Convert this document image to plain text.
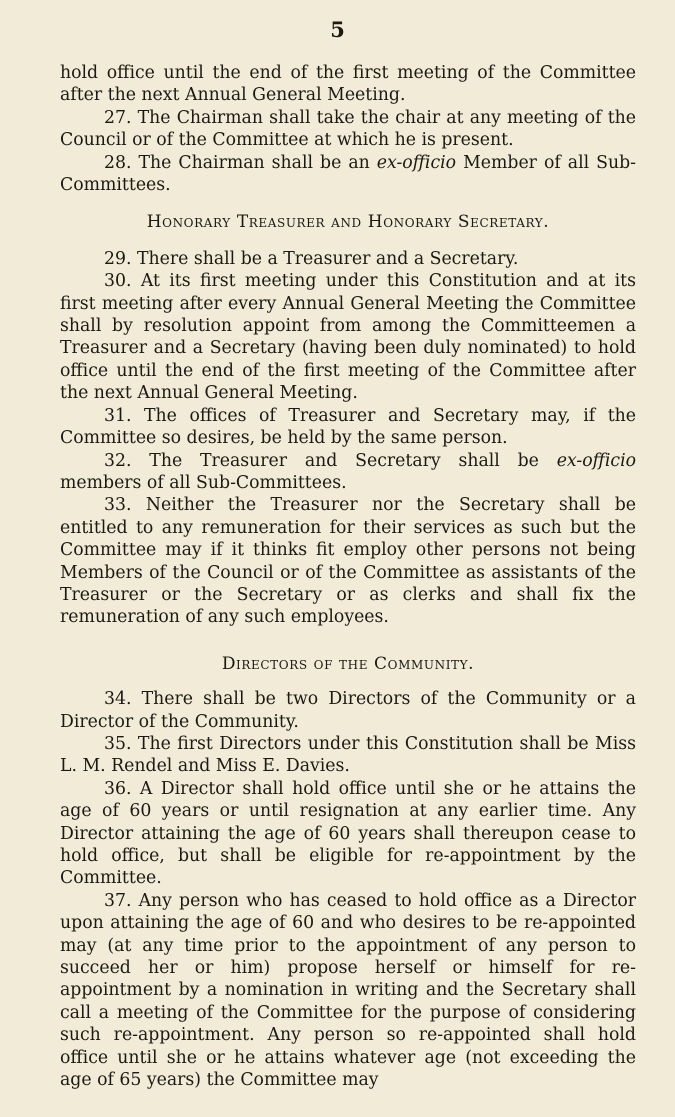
5

hold office until the end of the first meeting of the Committee after the next Annual General Meeting.

27. The Chairman shall take the chair at any meeting of the Council or of the Committee at which he is present.

28. The Chairman shall be an ex-officio Member of all Sub-Committees.

Honorary Treasurer and Honorary Secretary.

29. There shall be a Treasurer and a Secretary.

30. At its first meeting under this Constitution and at its first meeting after every Annual General Meeting the Committee shall by resolution appoint from among the Committeemen a Treasurer and a Secretary (having been duly nominated) to hold office until the end of the first meeting of the Committee after the next Annual General Meeting.

31. The offices of Treasurer and Secretary may, if the Committee so desires, be held by the same person.

32. The Treasurer and Secretary shall be ex-officio members of all Sub-Committees.

33. Neither the Treasurer nor the Secretary shall be entitled to any remuneration for their services as such but the Committee may if it thinks fit employ other persons not being Members of the Council or of the Committee as assistants of the Treasurer or the Secretary or as clerks and shall fix the remuneration of any such employees.

Directors of the Community.

34. There shall be two Directors of the Community or a Director of the Community.

35. The first Directors under this Constitution shall be Miss L. M. Rendel and Miss E. Davies.

36. A Director shall hold office until she or he attains the age of 60 years or until resignation at any earlier time. Any Director attaining the age of 60 years shall thereupon cease to hold office, but shall be eligible for re-appointment by the Committee.

37. Any person who has ceased to hold office as a Director upon attaining the age of 60 and who desires to be re-appointed may (at any time prior to the appointment of any person to succeed her or him) propose herself or himself for re-appointment by a nomination in writing and the Secretary shall call a meeting of the Committee for the purpose of considering such re-appointment. Any person so re-appointed shall hold office until she or he attains whatever age (not exceeding the age of 65 years) the Committee may
